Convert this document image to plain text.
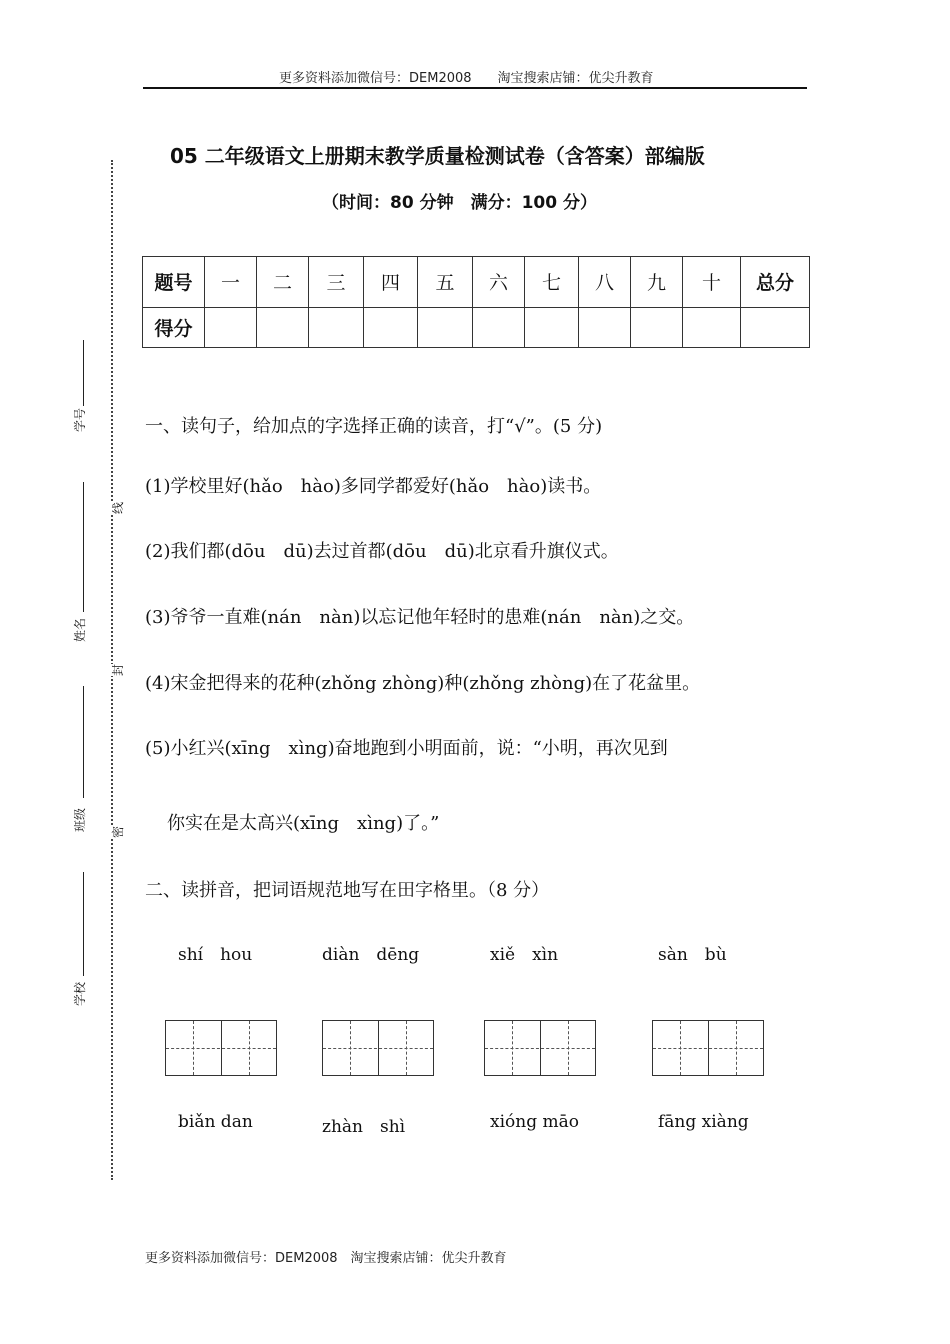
更多资料添加微信号：DEM2008　　淘宝搜索店铺：优尖升教育
05 二年级语文上册期末教学质量检测试卷（含答案）部编版
（时间：80 分钟　满分：100 分）
题号	一	二	三	四	五	六	七	八	九	十	总分
得分											
学号
姓名
班级
学校
线
封
密
一、读句子，给加点的字选择正确的读音，打“√”。(5 分)
(1)学校里好(hǎo　hào)多同学都爱好(hǎo　hào)读书。
(2)我们都(dōu　dū)去过首都(dōu　dū)北京看升旗仪式。
(3)爷爷一直难(nán　nàn)以忘记他年轻时的患难(nán　nàn)之交。
(4)宋金把得来的花种(zhǒng zhòng)种(zhǒng zhòng)在了花盆里。
(5)小红兴(xīng　xìng)奋地跑到小明面前，说：“小明，再次见到
你实在是太高兴(xīng　xìng)了。”
二、读拼音，把词语规范地写在田字格里。（8 分）
shí　hou	diàn　dēng	xiě　xìn	sàn　bù
biǎn dan	zhàn　shì	xióng māo	fāng xiàng
更多资料添加微信号：DEM2008　淘宝搜索店铺：优尖升教育
